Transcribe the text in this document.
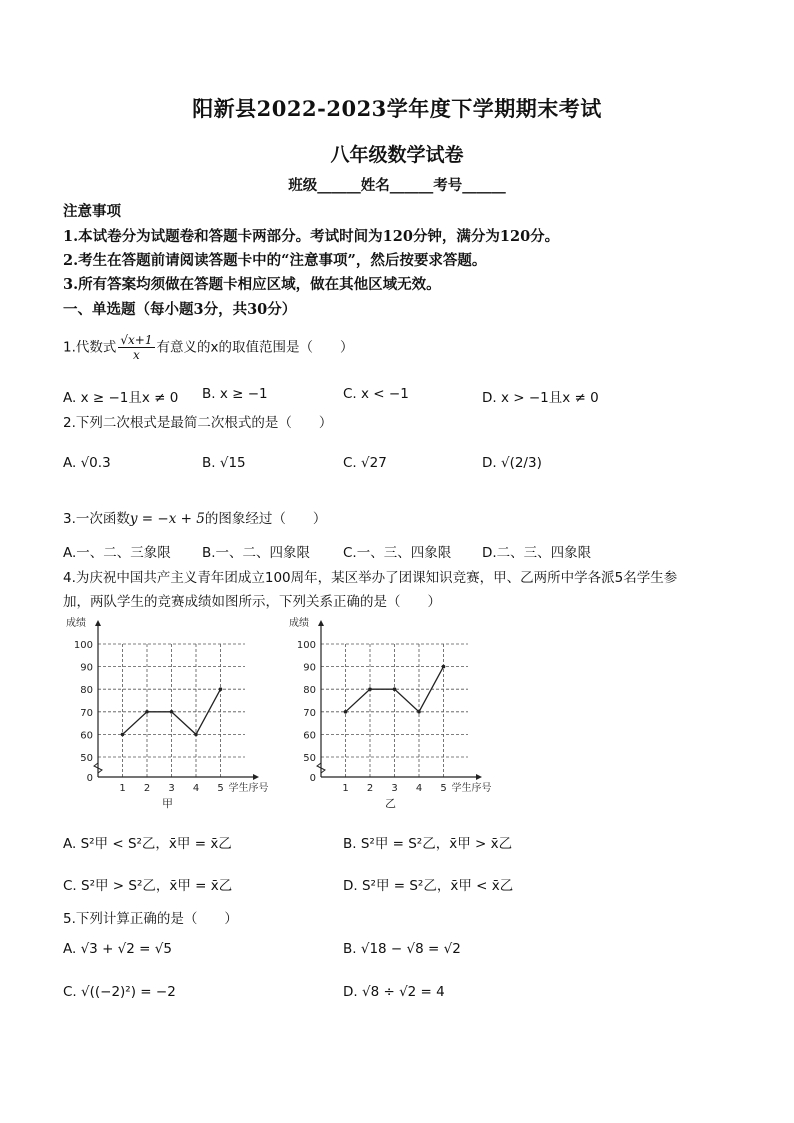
阳新县2022-2023学年度下学期期末考试
八年级数学试卷
班级______姓名______考号______
注意事项
1.本试卷分为试题卷和答题卡两部分。考试时间为120分钟，满分为120分。
2.考生在答题前请阅读答题卡中的“注意事项”，然后按要求答题。
3.所有答案均须做在答题卡相应区域，做在其他区域无效。
一、单选题（每小题3分，共30分）
1.代数式 $\frac{√x+1}{x}$ 有意义的x的取值范围是（　　）
A. x ≥ −1且x ≠ 0 B. x ≥ −1	C. x < −1	D. x > −1且x ≠ 0
2.下列二次根式是最简二次根式的是（　　）
A. √0.3	B. √15	C. √27	D. √(2/3)
3.一次函数y = −x + 5的图象经过（　　）
A.一、二、三象限 B.一、二、四象限 C.一、三、四象限 D.二、三、四象限
4.为庆祝中国共产主义青年团成立100周年，某区举办了团课知识竞赛，甲、乙两所中学各派5名学生参
加，两队学生的竞赛成绩如图所示，下列关系正确的是（　　）
0
50
60
70
80
90
100
1 2 3 4 5
成绩
学生序号
甲
0
50
60
70
80
90
100
1 2 3 4 5
成绩
学生序号
乙
A. S²甲 < S²乙，x̄甲 = x̄乙	B. S²甲 = S²乙，x̄甲 > x̄乙
C. S²甲 > S²乙，x̄甲 = x̄乙	D. S²甲 = S²乙，x̄甲 < x̄乙
5.下列计算正确的是（　　）
A. √3 + √2 = √5	B. √18 − √8 = √2
C. √((−2)²) = −2	D. √8 ÷ √2 = 4
